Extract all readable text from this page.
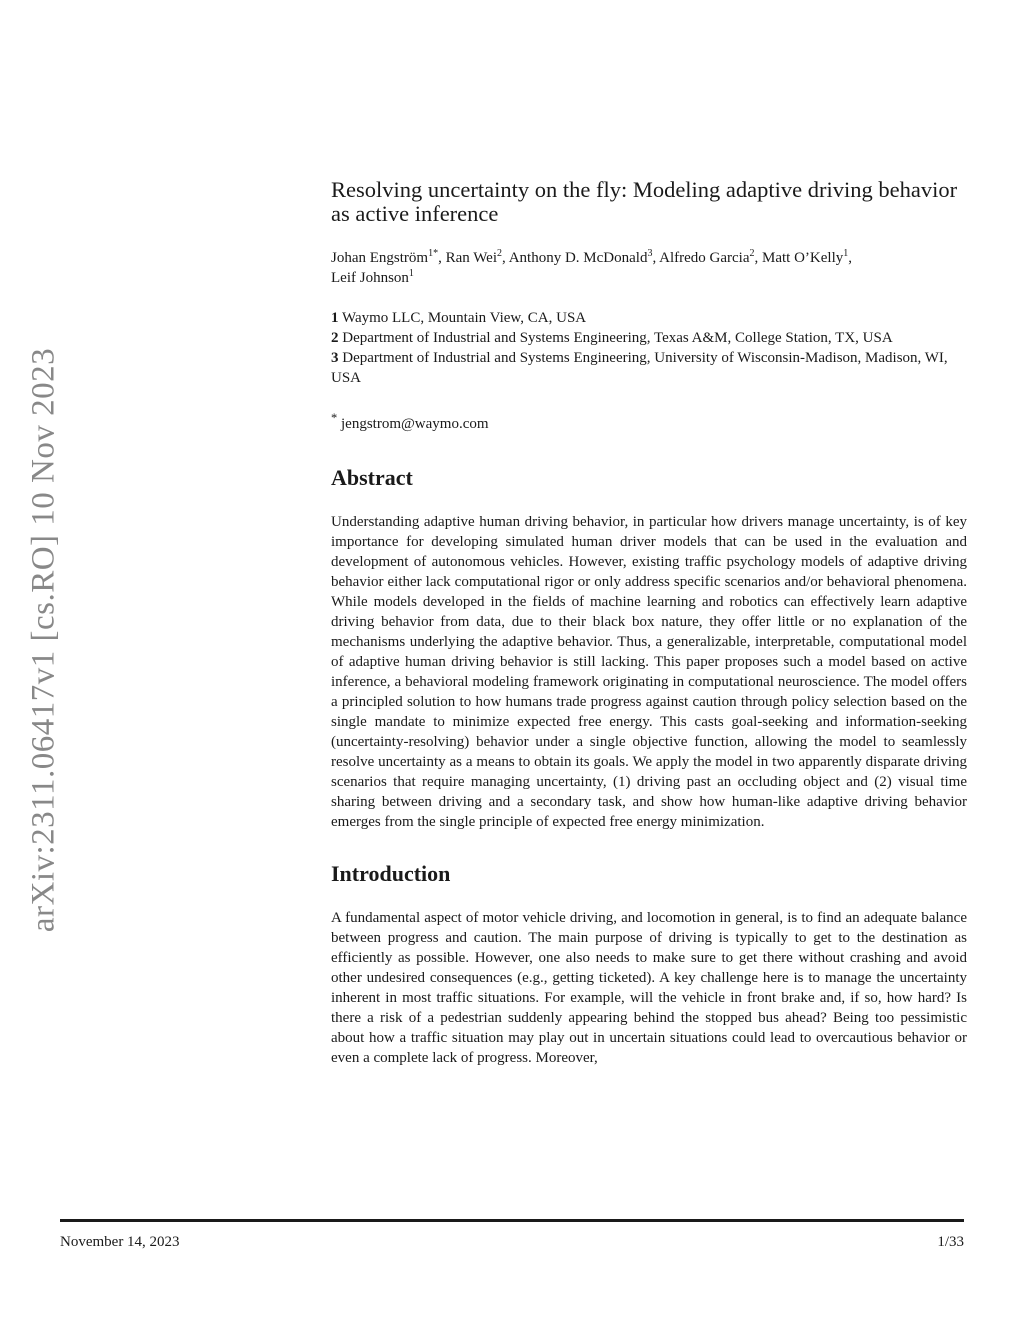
arXiv:2311.06417v1 [cs.RO] 10 Nov 2023
Resolving uncertainty on the fly: Modeling adaptive driving behavior as active inference
Johan Engström$^{1*}$, Ran Wei$^2$, Anthony D. McDonald$^3$, Alfredo Garcia$^2$, Matt O’Kelly$^1$,
Leif Johnson$^1$
1 Waymo LLC, Mountain View, CA, USA
2 Department of Industrial and Systems Engineering, Texas A&M, College Station, TX, USA
3 Department of Industrial and Systems Engineering, University of Wisconsin-Madison, Madison, WI, USA
* jengstrom@waymo.com
Abstract

Understanding adaptive human driving behavior, in particular how drivers manage uncertainty, is of key importance for developing simulated human driver models that can be used in the evaluation and development of autonomous vehicles. However, existing traffic psychology models of adaptive driving behavior either lack computational rigor or only address specific scenarios and/or behavioral phenomena. While models developed in the fields of machine learning and robotics can effectively learn adaptive driving behavior from data, due to their black box nature, they offer little or no explanation of the mechanisms underlying the adaptive behavior. Thus, a generalizable, interpretable, computational model of adaptive human driving behavior is still lacking. This paper proposes such a model based on active inference, a behavioral modeling framework originating in computational neuroscience. The model offers a principled solution to how humans trade progress against caution through policy selection based on the single mandate to minimize expected free energy. This casts goal-seeking and information-seeking (uncertainty-resolving) behavior under a single objective function, allowing the model to seamlessly resolve uncertainty as a means to obtain its goals. We apply the model in two apparently disparate driving scenarios that require managing uncertainty, (1) driving past an occluding object and (2) visual time sharing between driving and a secondary task, and show how human-like adaptive driving behavior emerges from the single principle of expected free energy minimization.

Introduction

A fundamental aspect of motor vehicle driving, and locomotion in general, is to find an adequate balance between progress and caution. The main purpose of driving is typically to get to the destination as efficiently as possible. However, one also needs to make sure to get there without crashing and avoid other undesired consequences (e.g., getting ticketed). A key challenge here is to manage the uncertainty inherent in most traffic situations. For example, will the vehicle in front brake and, if so, how hard? Is there a risk of a pedestrian suddenly appearing behind the stopped bus ahead? Being too pessimistic about how a traffic situation may play out in uncertain situations could lead to overcautious behavior or even a complete lack of progress. Moreover,

November 14, 2023	1/33
